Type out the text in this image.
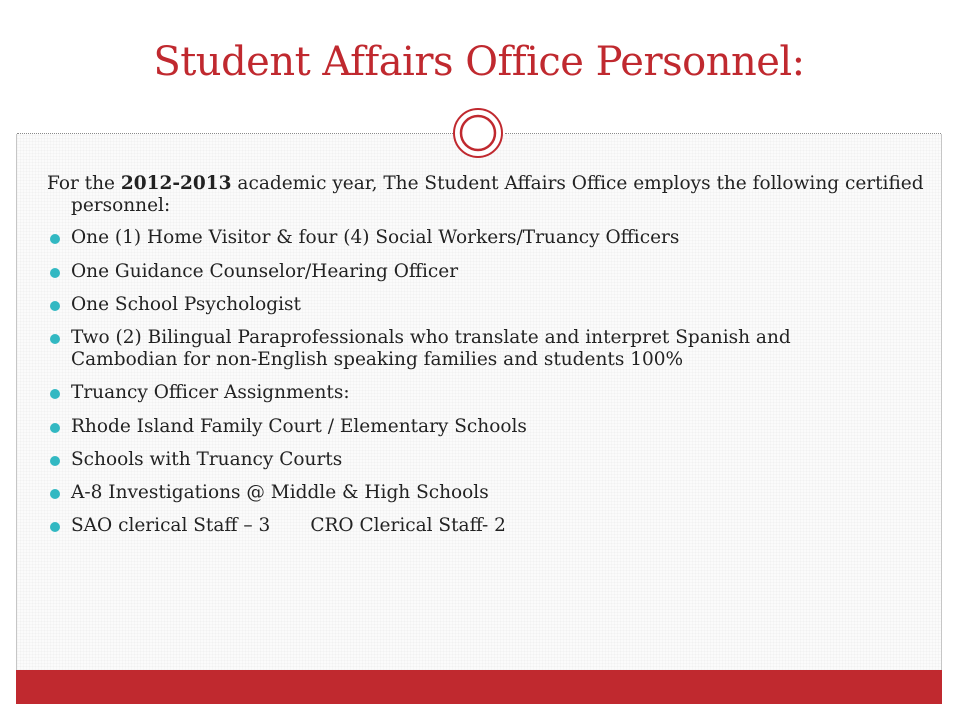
Student Affairs Office Personnel:

For the 2012-2013 academic year, The Student Affairs Office employs the following certified personnel:

One (1) Home Visitor & four (4) Social Workers/Truancy Officers
One Guidance Counselor/Hearing Officer
One School Psychologist
Two (2) Bilingual Paraprofessionals who translate and interpret Spanish and Cambodian for non-English speaking families and students 100%
Truancy Officer Assignments:
Rhode Island Family Court / Elementary Schools
Schools with Truancy Courts
A-8 Investigations @ Middle & High Schools
SAO clerical Staff – 3 CRO Clerical Staff- 2
